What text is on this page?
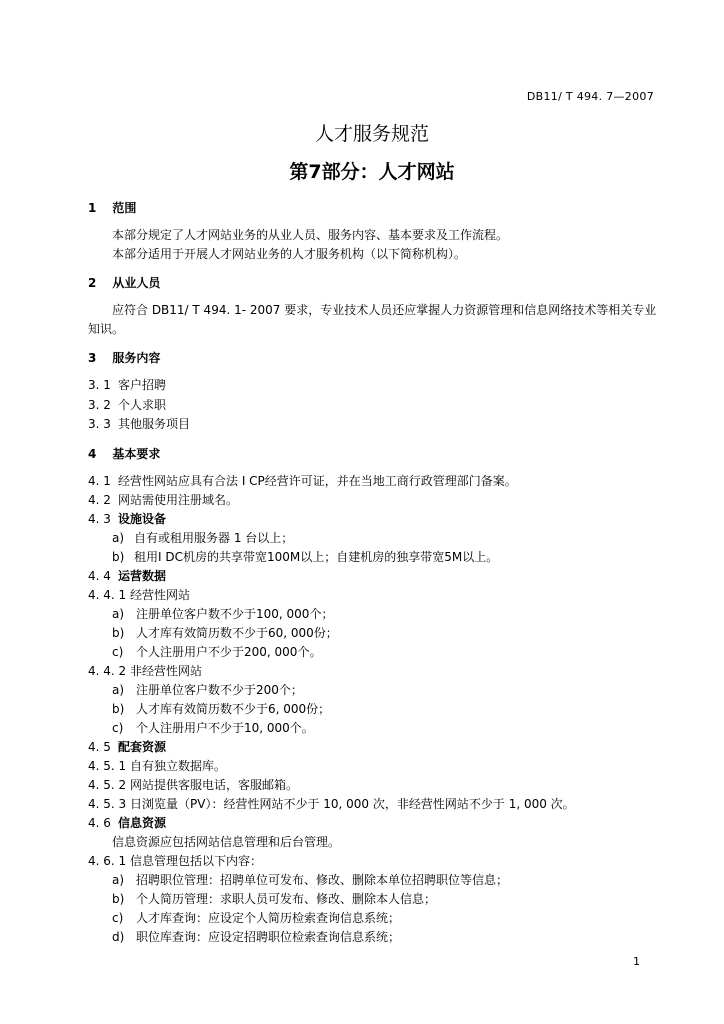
DB11/ T 494. 7—2007
人才服务规范
第7部分：人才网站
1 范围
本部分规定了人才网站业务的从业人员、服务内容、基本要求及工作流程。
本部分适用于开展人才网站业务的人才服务机构（以下简称机构）。
2 从业人员
应符合 DB11/ T 494. 1- 2007 要求，专业技术人员还应掌握人力资源管理和信息网络技术等相关专业知识。
3 服务内容
3. 1 客户招聘
3. 2 个人求职
3. 3 其他服务项目
4 基本要求
4. 1 经营性网站应具有合法 I CP经营许可证，并在当地工商行政管理部门备案。
4. 2 网站需使用注册域名。
4. 3 设施设备
a) 自有或租用服务器 1 台以上；
b) 租用I DC机房的共享带宽100M以上；自建机房的独享带宽5M以上。
4. 4 运营数据
4. 4. 1 经营性网站
a) 注册单位客户数不少于100, 000个；
b) 人才库有效简历数不少于60, 000份；
c) 个人注册用户不少于200, 000个。
4. 4. 2 非经营性网站
a) 注册单位客户数不少于200个；
b) 人才库有效简历数不少于6, 000份；
c) 个人注册用户不少于10, 000个。
4. 5 配套资源
4. 5. 1 自有独立数据库。
4. 5. 2 网站提供客服电话，客服邮箱。
4. 5. 3 日浏览量（PV）：经营性网站不少于 10, 000 次，非经营性网站不少于 1, 000 次。
4. 6 信息资源
信息资源应包括网站信息管理和后台管理。
4. 6. 1 信息管理包括以下内容：
a) 招聘职位管理：招聘单位可发布、修改、删除本单位招聘职位等信息；
b) 个人简历管理：求职人员可发布、修改、删除本人信息；
c) 人才库查询：应设定个人简历检索查询信息系统；
d) 职位库查询：应设定招聘职位检索查询信息系统；
1
